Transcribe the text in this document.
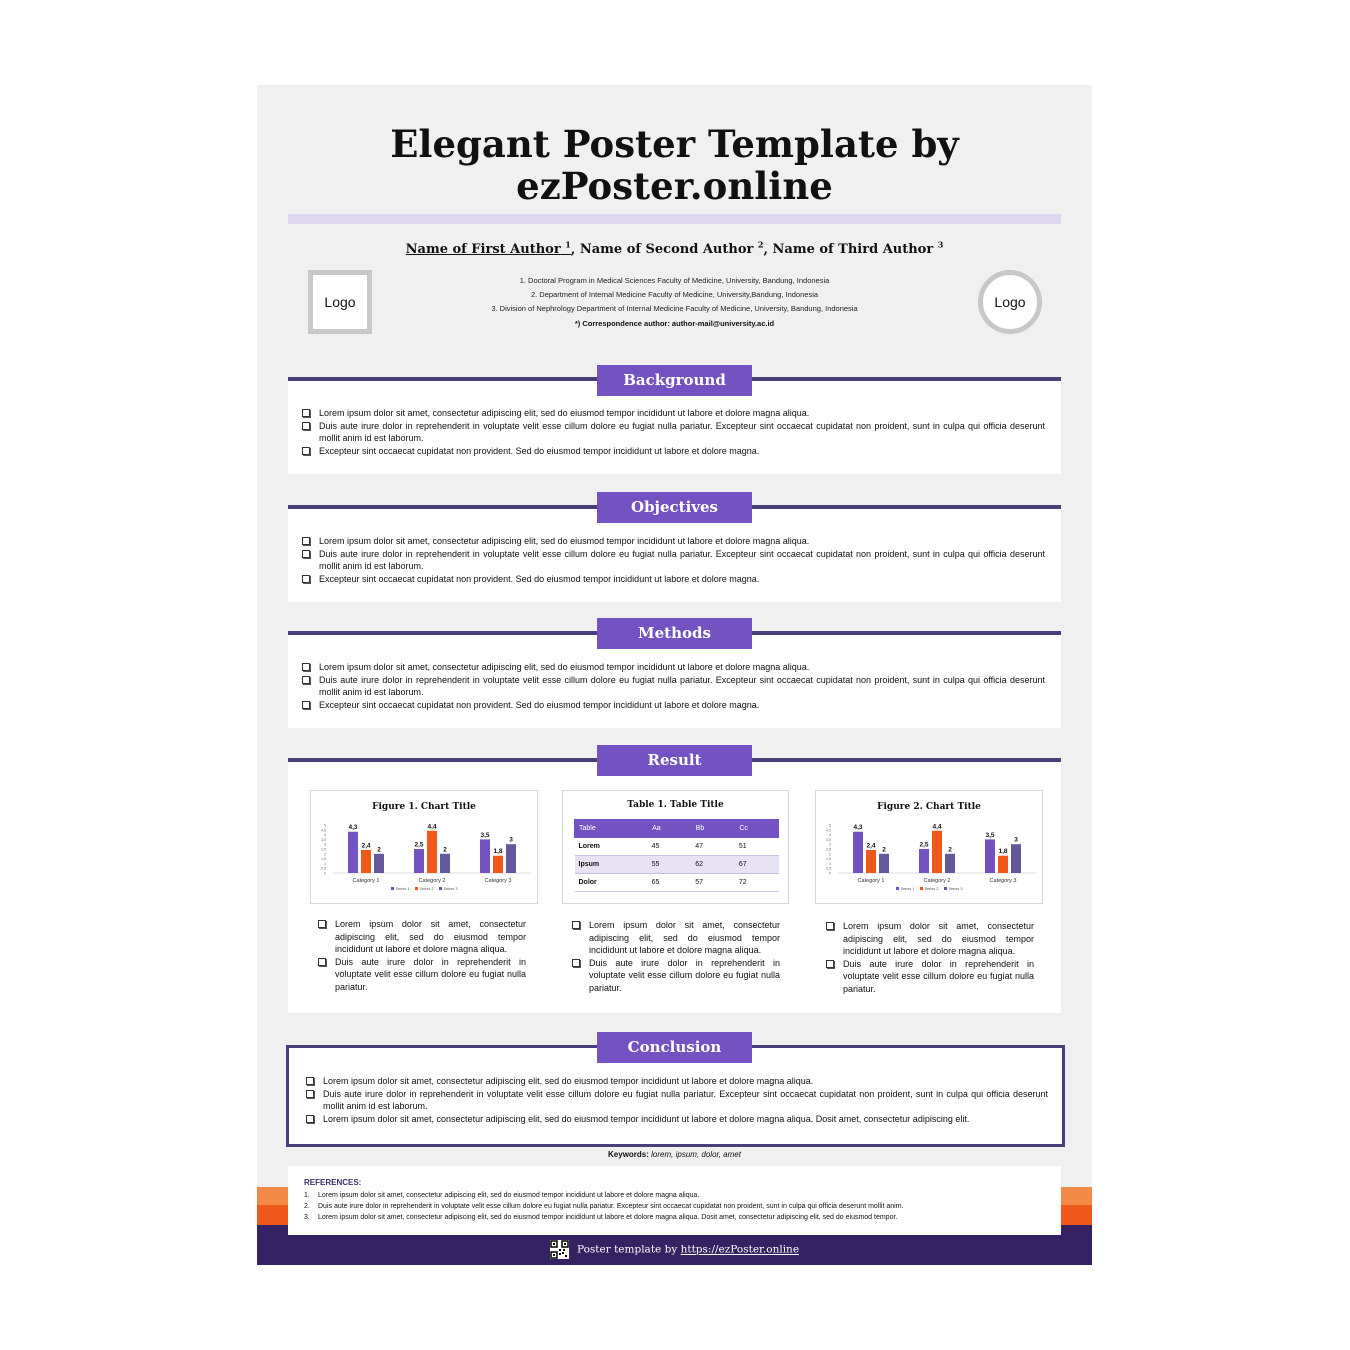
Elegant Poster Template by ezPoster.online
Name of First Author $^1$, Name of Second Author $^2$, Name of Third Author $^3$
Logo	Logo
1. Doctoral Program in Medical Sciences Faculty of Medicine, University, Bandung, Indonesia
2. Department of Internal Medicine Faculty of Medicine, University,Bandung, Indonesia
3. Division of Nephrology Department of Internal Medicine Faculty of Medicine, University, Bandung, Indonesia
*) Correspondence author: author-mail@university.ac.id
Lorem ipsum dolor sit amet, consectetur adipiscing elit, sed do eiusmod tempor incididunt ut labore et dolore magna aliqua.
Duis aute irure dolor in reprehenderit in voluptate velit esse cillum dolore eu fugiat nulla pariatur. Excepteur sint occaecat cupidatat non proident, sunt in culpa qui officia deserunt mollit anim id est laborum.
Excepteur sint occaecat cupidatat non provident. Sed do eiusmod tempor incididunt ut labore et dolore magna.
Background
Lorem ipsum dolor sit amet, consectetur adipiscing elit, sed do eiusmod tempor incididunt ut labore et dolore magna aliqua.
Duis aute irure dolor in reprehenderit in voluptate velit esse cillum dolore eu fugiat nulla pariatur. Excepteur sint occaecat cupidatat non proident, sunt in culpa qui officia deserunt mollit anim id est laborum.
Excepteur sint occaecat cupidatat non provident. Sed do eiusmod tempor incididunt ut labore et dolore magna.
Objectives
Lorem ipsum dolor sit amet, consectetur adipiscing elit, sed do eiusmod tempor incididunt ut labore et dolore magna aliqua.
Duis aute irure dolor in reprehenderit in voluptate velit esse cillum dolore eu fugiat nulla pariatur. Excepteur sint occaecat cupidatat non proident, sunt in culpa qui officia deserunt mollit anim id est laborum.
Excepteur sint occaecat cupidatat non provident. Sed do eiusmod tempor incididunt ut labore et dolore magna.
Methods
Figure 1. Chart Title
0
0,5
1
1,5
2
2,5
3
3,5
4
4,5
5	4,3
2,4
2
Category 1
2,5
4,4
2
Category 2
3,5
1,8
3
Category 3
Series 1	Series 2	Series 3
Table 1. Table Title
Table	Aa	Bb	Cc
Lorem	45	47	51
Ipsum	55	62	67
Dolor	65	57	72
Figure 2. Chart Title
0
0,5
1
1,5
2
2,5
3
3,5
4
4,5
5	4,3
2,4
2
Category 1
2,5
4,4
2
Category 2
3,5
1,8
3
Category 3
Series 1	Series 2	Series 3
Lorem ipsum dolor sit amet, consectetur adipiscing elit, sed do eiusmod tempor incididunt ut labore et dolore magna aliqua.
Duis aute irure dolor in reprehenderit in voluptate velit esse cillum dolore eu fugiat nulla pariatur.
Lorem ipsum dolor sit amet, consectetur adipiscing elit, sed do eiusmod tempor incididunt ut labore et dolore magna aliqua.
Duis aute irure dolor in reprehenderit in voluptate velit esse cillum dolore eu fugiat nulla pariatur.
Lorem ipsum dolor sit amet, consectetur adipiscing elit, sed do eiusmod tempor incididunt ut labore et dolore magna aliqua.
Duis aute irure dolor in reprehenderit in voluptate velit esse cillum dolore eu fugiat nulla pariatur.
Result
Lorem ipsum dolor sit amet, consectetur adipiscing elit, sed do eiusmod tempor incididunt ut labore et dolore magna aliqua.
Duis aute irure dolor in reprehenderit in voluptate velit esse cillum dolore eu fugiat nulla pariatur. Excepteur sint occaecat cupidatat non proident, sunt in culpa qui officia deserunt mollit anim id est laborum.
Lorem ipsum dolor sit amet, consectetur adipiscing elit, sed do eiusmod tempor incididunt ut labore et dolore magna aliqua. Dosit amet, consectetur adipiscing elit.
Conclusion
Keywords: lorem, ipsum, dolor, amet
REFERENCES:
1. Lorem ipsum dolor sit amet, consectetur adipiscing elit, sed do eiusmod tempor incididunt ut labore et dolore magna aliqua.
2. Duis aute irure dolor in reprehenderit in voluptate velit esse cillum dolore eu fugiat nulla pariatur. Excepteur sint occaecat cupidatat non proident, sunt in culpa qui officia deserunt mollit anim.
3. Lorem ipsum dolor sit amet, consectetur adipiscing elit, sed do eiusmod tempor incididunt ut labore et dolore magna aliqua. Dosit amet, consectetur adipiscing elit, sed do eiusmod tempor.
Poster template by https://ezPoster.online
